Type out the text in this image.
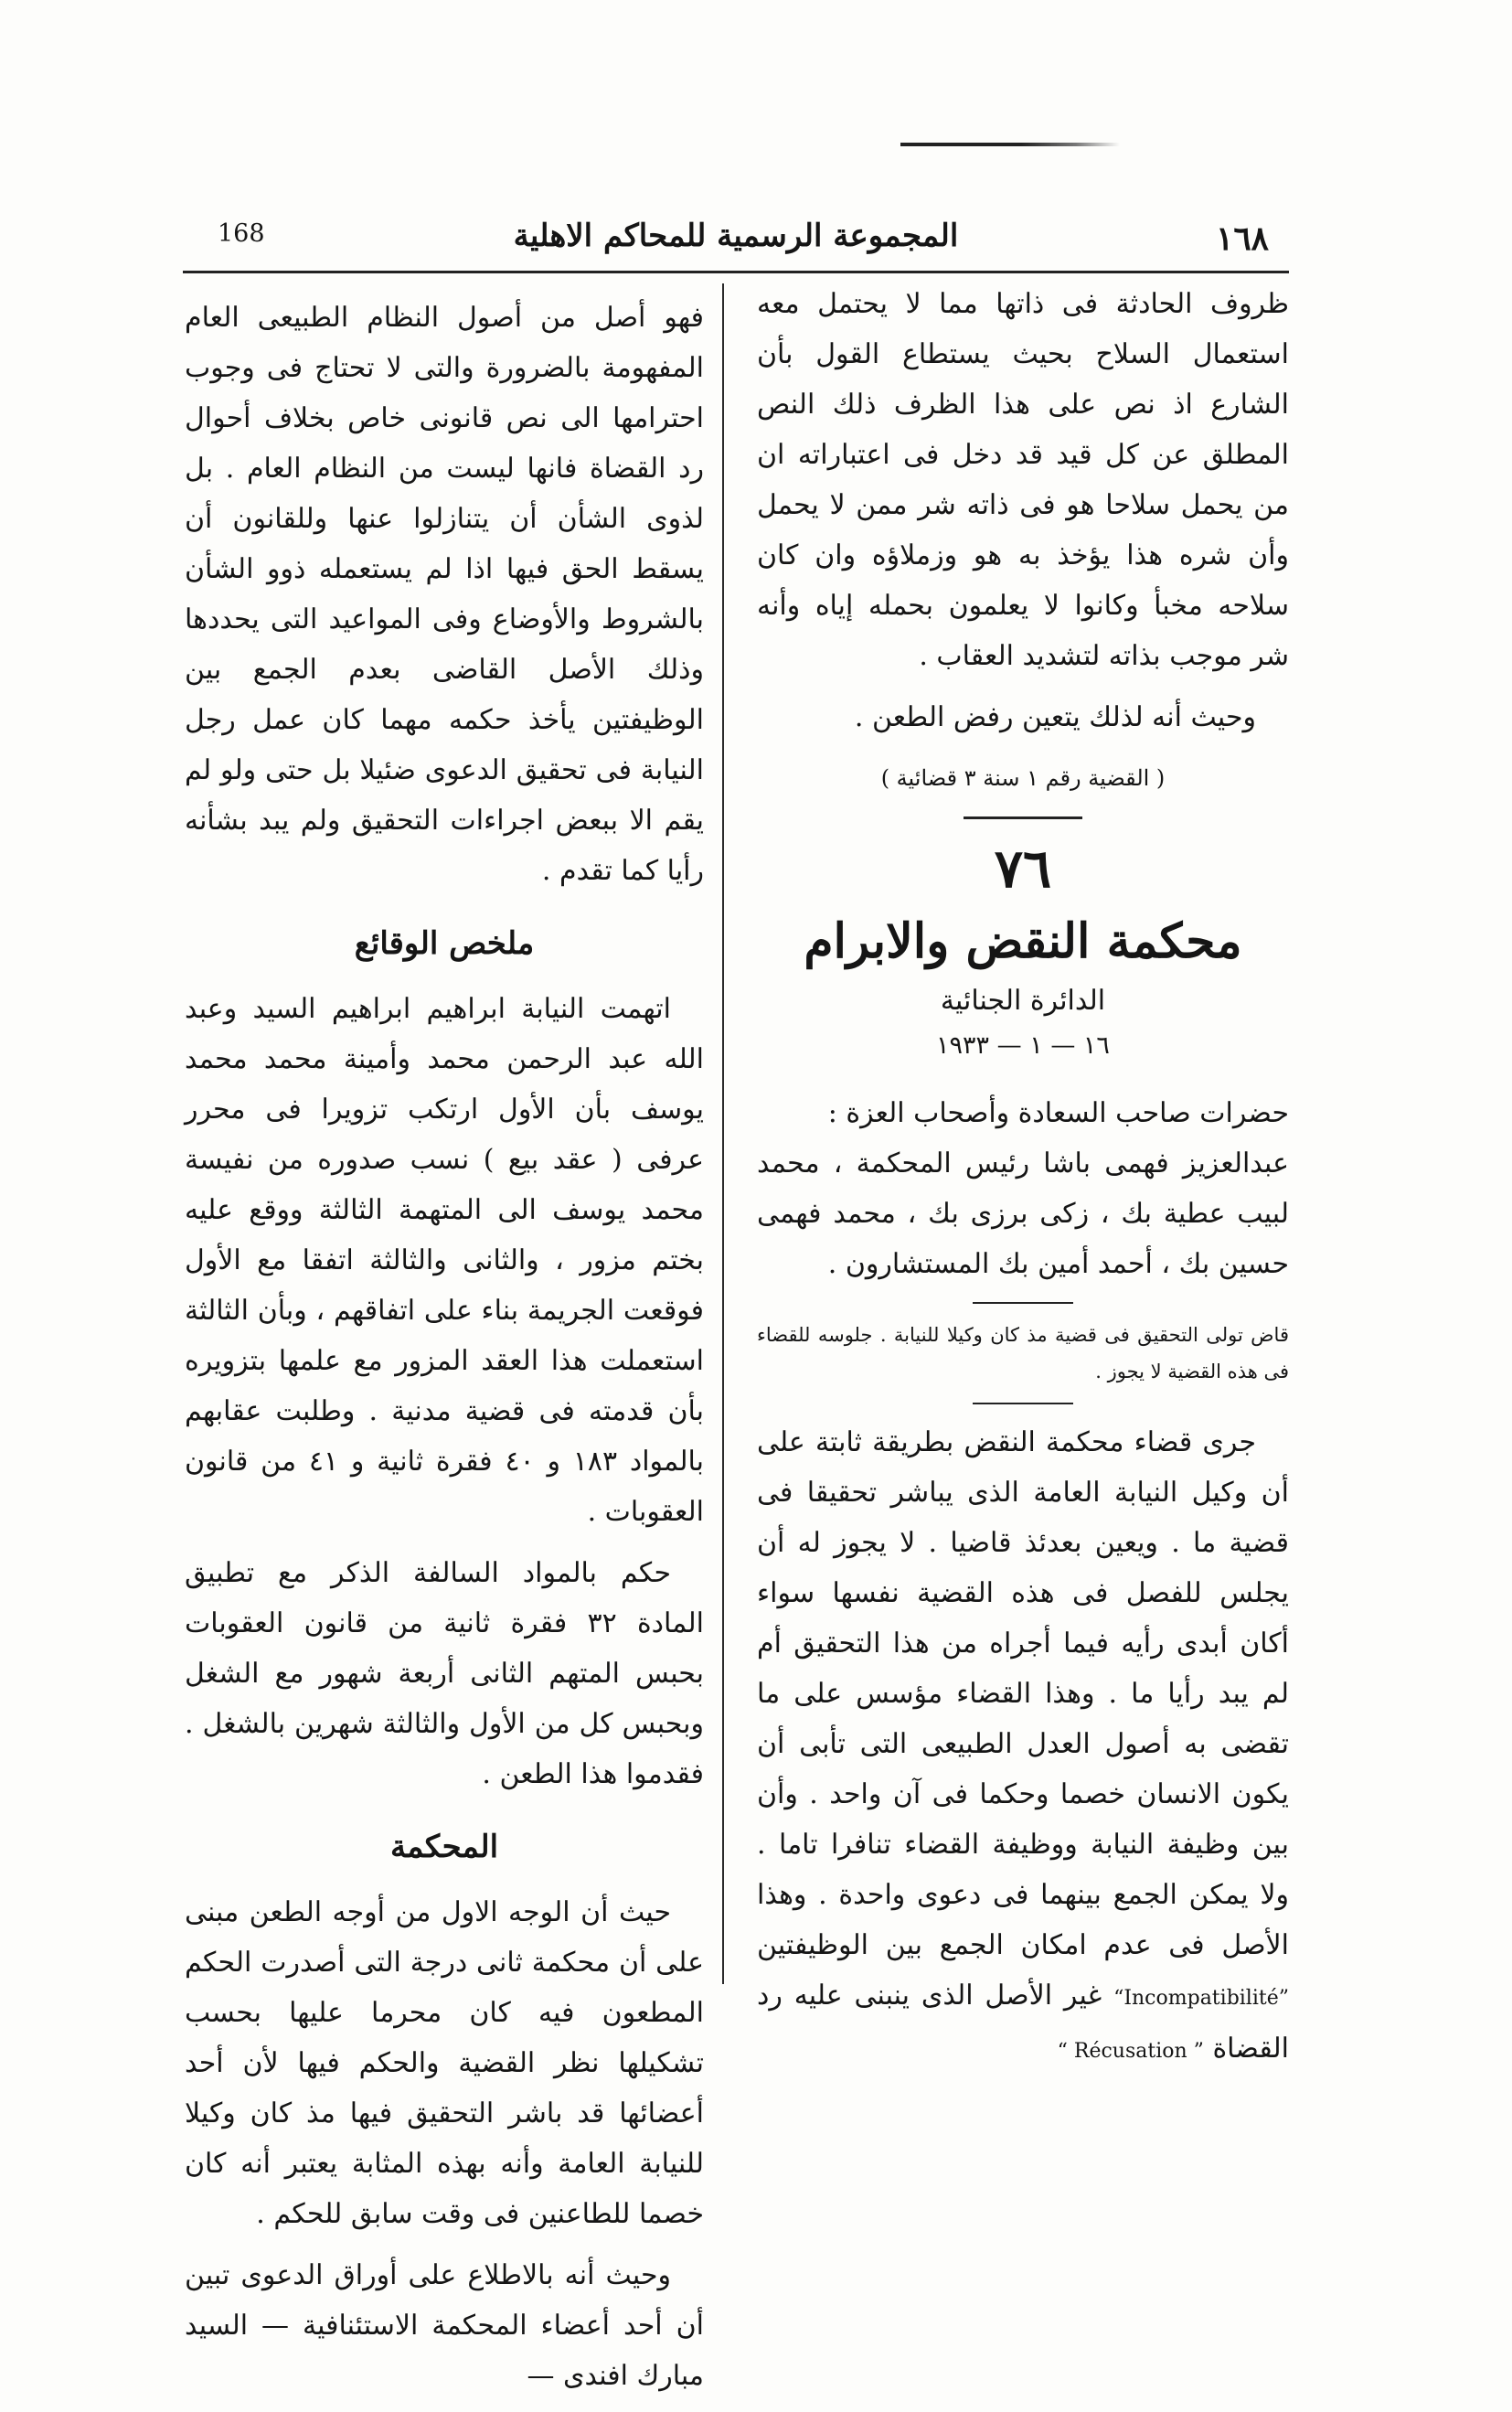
168	المجموعة الرسمية للمحاكم الاهلية	١٦٨

ظروف الحادثة فى ذاتها مما لا يحتمل معه استعمال السلاح بحيث يستطاع القول بأن الشارع اذ نص على هذا الظرف ذلك النص المطلق عن كل قيد قد دخل فى اعتباراته ان من يحمل سلاحا هو فى ذاته شر ممن لا يحمل وأن شره هذا يؤخذ به هو وزملاؤه وان كان سلاحه مخبأ وكانوا لا يعلمون بحمله إياه وأنه شر موجب بذاته لتشديد العقاب .

وحيث أنه لذلك يتعين رفض الطعن .

( القضية رقم ١ سنة ٣ قضائية )

٧٦
محكمة النقض والابرام
الدائرة الجنائية
١٦ — ١ — ١٩٣٣

حضرات صاحب السعادة وأصحاب العزة :

عبدالعزيز فهمى باشا رئيس المحكمة ، محمد لبيب عطية بك ، زكى برزى بك ، محمد فهمى حسين بك ، أحمد أمين بك المستشارون .

قاض تولى التحقيق فى قضية مذ كان وكيلا للنيابة . جلوسه للقضاء فى هذه القضية لا يجوز .

جرى قضاء محكمة النقض بطريقة ثابتة على أن وكيل النيابة العامة الذى يباشر تحقيقا فى قضية ما . ويعين بعدئذ قاضيا . لا يجوز له أن يجلس للفصل فى هذه القضية نفسها سواء أكان أبدى رأيه فيما أجراه من هذا التحقيق أم لم يبد رأيا ما . وهذا القضاء مؤسس على ما تقضى به أصول العدل الطبيعى التى تأبى أن يكون الانسان خصما وحكما فى آن واحد . وأن بين وظيفة النيابة ووظيفة القضاء تنافرا تاما . ولا يمكن الجمع بينهما فى دعوى واحدة . وهذا الأصل فى عدم امكان الجمع بين الوظيفتين “Incompatibilité” غير الأصل الذى ينبنى عليه رد القضاة “ Récusation ”

فهو أصل من أصول النظام الطبيعى العام المفهومة بالضرورة والتى لا تحتاج فى وجوب احترامها الى نص قانونى خاص بخلاف أحوال رد القضاة فانها ليست من النظام العام . بل لذوى الشأن أن يتنازلوا عنها وللقانون أن يسقط الحق فيها اذا لم يستعمله ذوو الشأن بالشروط والأوضاع وفى المواعيد التى يحددها وذلك الأصل القاضى بعدم الجمع بين الوظيفتين يأخذ حكمه مهما كان عمل رجل النيابة فى تحقيق الدعوى ضئيلا بل حتى ولو لم يقم الا ببعض اجراءات التحقيق ولم يبد بشأنه رأيا كما تقدم .

ملخص الوقائع

اتهمت النيابة ابراهيم ابراهيم السيد وعبد الله عبد الرحمن محمد وأمينة محمد محمد يوسف بأن الأول ارتكب تزويرا فى محرر عرفى ( عقد بيع ) نسب صدوره من نفيسة محمد يوسف الى المتهمة الثالثة ووقع عليه بختم مزور ، والثانى والثالثة اتفقا مع الأول فوقعت الجريمة بناء على اتفاقهم ، وبأن الثالثة استعملت هذا العقد المزور مع علمها بتزويره بأن قدمته فى قضية مدنية . وطلبت عقابهم بالمواد ١٨٣ و ٤٠ فقرة ثانية و ٤١ من قانون العقوبات .

حكم بالمواد السالفة الذكر مع تطبيق المادة ٣٢ فقرة ثانية من قانون العقوبات بحبس المتهم الثانى أربعة شهور مع الشغل وبحبس كل من الأول والثالثة شهرين بالشغل . فقدموا هذا الطعن .

المحكمة

حيث أن الوجه الاول من أوجه الطعن مبنى على أن محكمة ثانى درجة التى أصدرت الحكم المطعون فيه كان محرما عليها بحسب تشكيلها نظر القضية والحكم فيها لأن أحد أعضائها قد باشر التحقيق فيها مذ كان وكيلا للنيابة العامة وأنه بهذه المثابة يعتبر أنه كان خصما للطاعنين فى وقت سابق للحكم .

وحيث أنه بالاطلاع على أوراق الدعوى تبين أن أحد أعضاء المحكمة الاستئنافية — السيد مبارك افندى —
